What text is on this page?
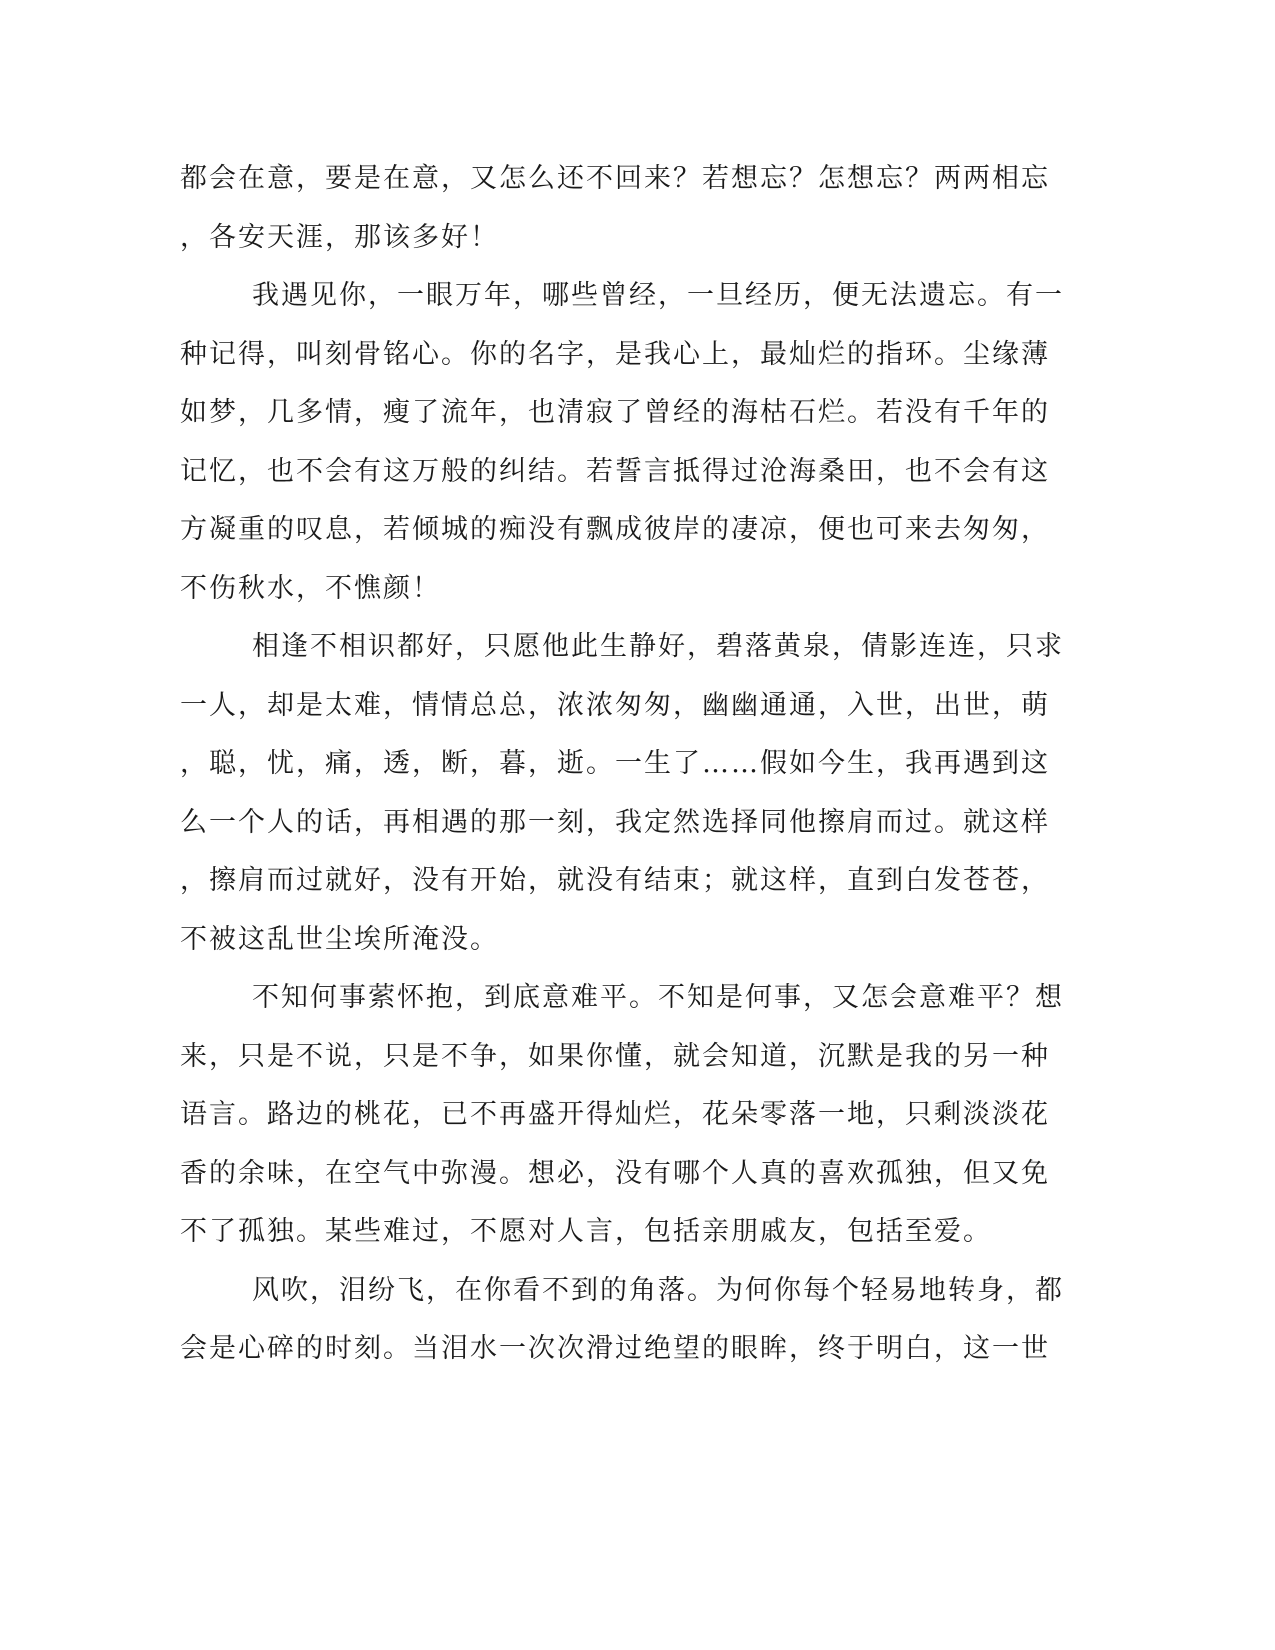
都会在意，要是在意，又怎么还不回来？若想忘？怎想忘？两两相忘
，各安天涯，那该多好！
我遇见你，一眼万年，哪些曾经，一旦经历，便无法遗忘。有一
种记得，叫刻骨铭心。你的名字，是我心上，最灿烂的指环。尘缘薄
如梦，几多情，瘦了流年，也清寂了曾经的海枯石烂。若没有千年的
记忆，也不会有这万般的纠结。若誓言抵得过沧海桑田，也不会有这
方凝重的叹息，若倾城的痴没有飘成彼岸的凄凉，便也可来去匆匆，
不伤秋水，不憔颜！
相逢不相识都好，只愿他此生静好，碧落黄泉，倩影连连，只求
一人，却是太难，情情总总，浓浓匆匆，幽幽通通，入世，出世，萌
，聪，忧，痛，透，断，暮，逝。一生了……假如今生，我再遇到这
么一个人的话，再相遇的那一刻，我定然选择同他擦肩而过。就这样
，擦肩而过就好，没有开始，就没有结束；就这样，直到白发苍苍，
不被这乱世尘埃所淹没。
不知何事萦怀抱，到底意难平。不知是何事，又怎会意难平？想
来，只是不说，只是不争，如果你懂，就会知道，沉默是我的另一种
语言。路边的桃花，已不再盛开得灿烂，花朵零落一地，只剩淡淡花
香的余味，在空气中弥漫。想必，没有哪个人真的喜欢孤独，但又免
不了孤独。某些难过，不愿对人言，包括亲朋戚友，包括至爱。
风吹，泪纷飞，在你看不到的角落。为何你每个轻易地转身，都
会是心碎的时刻。当泪水一次次滑过绝望的眼眸，终于明白，这一世
